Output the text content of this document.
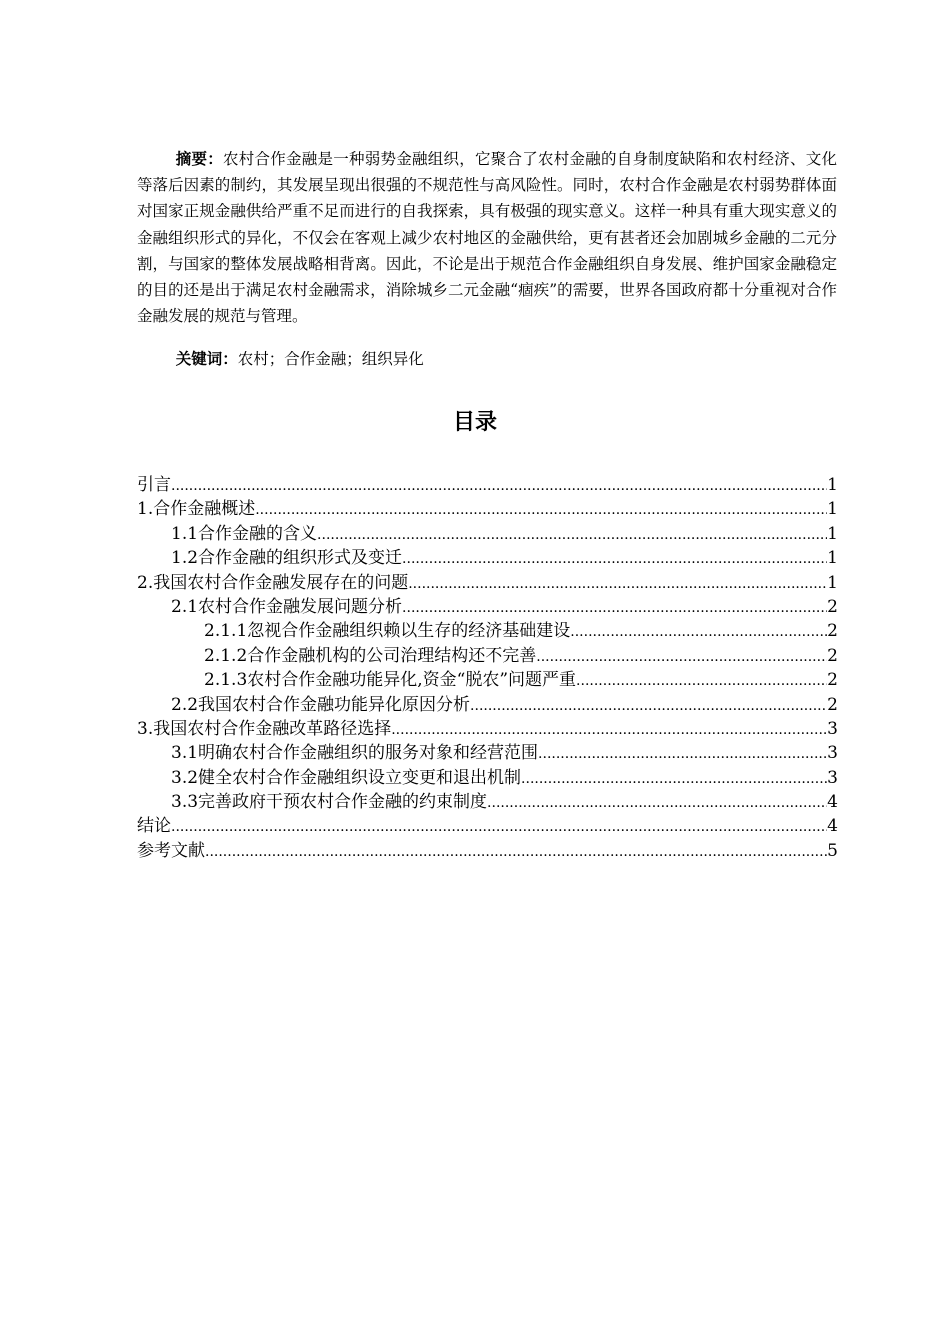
摘要：农村合作金融是一种弱势金融组织，它聚合了农村金融的自身制度缺陷和农村经济、文化等落后因素的制约，其发展呈现出很强的不规范性与高风险性。同时，农村合作金融是农村弱势群体面对国家正规金融供给严重不足而进行的自我探索，具有极强的现实意义。这样一种具有重大现实意义的金融组织形式的异化，不仅会在客观上减少农村地区的金融供给，更有甚者还会加剧城乡金融的二元分割，与国家的整体发展战略相背离。因此，不论是出于规范合作金融组织自身发展、维护国家金融稳定的目的还是出于满足农村金融需求，消除城乡二元金融“痼疾”的需要，世界各国政府都十分重视对合作金融发展的规范与管理。

关键词：农村；合作金融；组织异化

目录
引言 .....	1
1.合作金融概述 .....	1
1.1合作金融的含义 .....	1
1.2合作金融的组织形式及变迁 .....	1
2.我国农村合作金融发展存在的问题 .....	1
2.1农村合作金融发展问题分析 .....	2
2.1.1忽视合作金融组织赖以生存的经济基础建设 .....	2
2.1.2合作金融机构的公司治理结构还不完善 .....	2
2.1.3农村合作金融功能异化,资金“脱农”问题严重 .....	2
2.2我国农村合作金融功能异化原因分析 .....	2
3.我国农村合作金融改革路径选择 .....	3
3.1明确农村合作金融组织的服务对象和经营范围 .....	3
3.2健全农村合作金融组织设立变更和退出机制 .....	3
3.3完善政府干预农村合作金融的约束制度 .....	4
结论 .....	4
参考文献 .....	5
